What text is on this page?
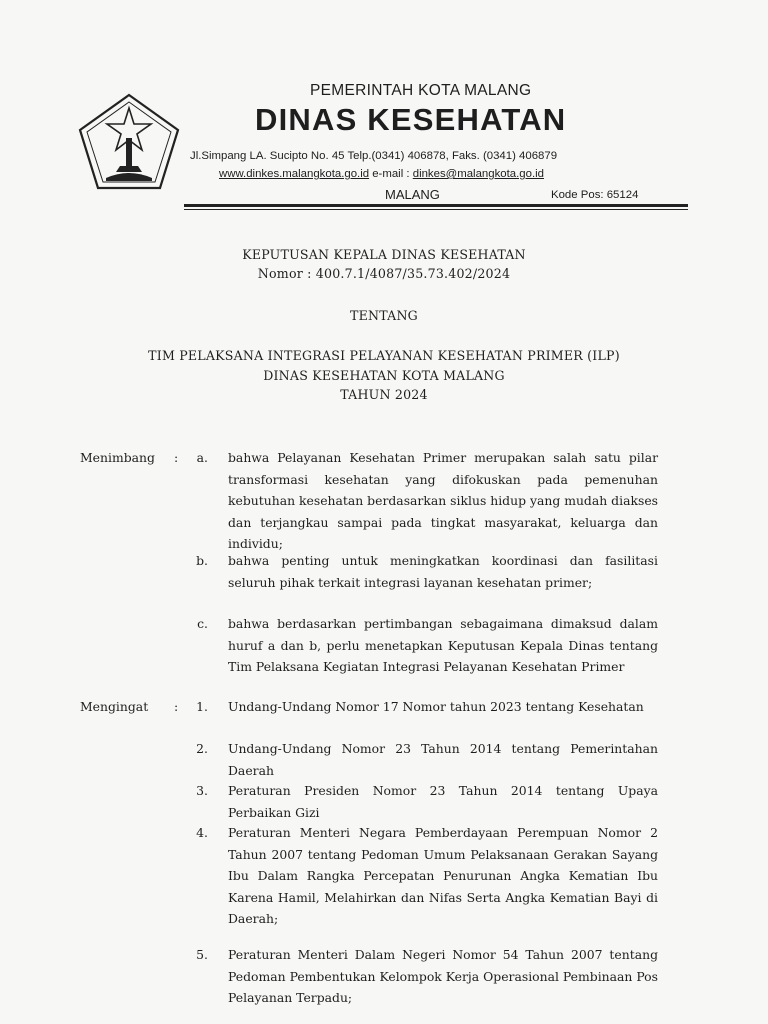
PEMERINTAH KOTA MALANG
DINAS KESEHATAN
Jl.Simpang LA. Sucipto No. 45 Telp.(0341) 406878, Faks. (0341) 406879
www.dinkes.malangkota.go.id e-mail : dinkes@malangkota.go.id
MALANG	Kode Pos: 65124
KEPUTUSAN KEPALA DINAS KESEHATAN
Nomor : 400.7.1/4087/35.73.402/2024
TENTANG
TIM PELAKSANA INTEGRASI PELAYANAN KESEHATAN PRIMER (ILP)
DINAS KESEHATAN KOTA MALANG
TAHUN 2024
Menimbang :	a. bahwa Pelayanan Kesehatan Primer merupakan salah satu pilar transformasi kesehatan yang difokuskan pada pemenuhan kebutuhan kesehatan berdasarkan siklus hidup yang mudah diakses dan terjangkau sampai pada tingkat masyarakat, keluarga dan individu;
b. bahwa penting untuk meningkatkan koordinasi dan fasilitasi seluruh pihak terkait integrasi layanan kesehatan primer;
c. bahwa berdasarkan pertimbangan sebagaimana dimaksud dalam huruf a dan b, perlu menetapkan Keputusan Kepala Dinas tentang Tim Pelaksana Kegiatan Integrasi Pelayanan Kesehatan Primer
Mengingat :	1. Undang-Undang Nomor 17 Nomor tahun 2023 tentang Kesehatan
2. Undang-Undang Nomor 23 Tahun 2014 tentang Pemerintahan Daerah
3. Peraturan Presiden Nomor 23 Tahun 2014 tentang Upaya Perbaikan Gizi
4. Peraturan Menteri Negara Pemberdayaan Perempuan Nomor 2 Tahun 2007 tentang Pedoman Umum Pelaksanaan Gerakan Sayang Ibu Dalam Rangka Percepatan Penurunan Angka Kematian Ibu Karena Hamil, Melahirkan dan Nifas Serta Angka Kematian Bayi di Daerah;
5. Peraturan Menteri Dalam Negeri Nomor 54 Tahun 2007 tentang Pedoman Pembentukan Kelompok Kerja Operasional Pembinaan Pos Pelayanan Terpadu;
